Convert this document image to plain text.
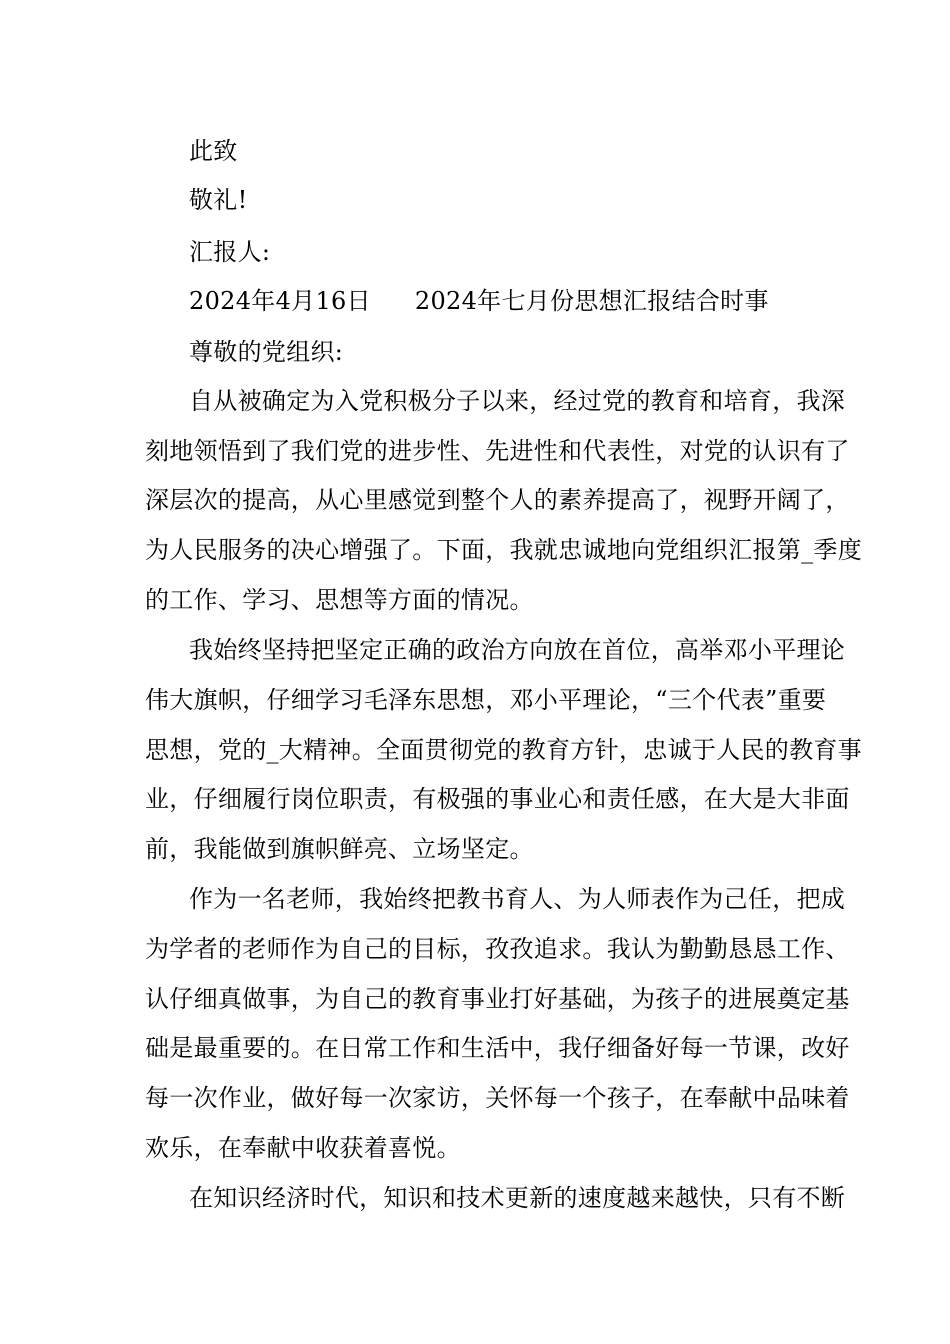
此致
敬礼!
汇报人:
2024年4月16日 2024年七月份思想汇报结合时事
尊敬的党组织:
自从被确定为入党积极分子以来，经过党的教育和培育，我深
刻地领悟到了我们党的进步性、先进性和代表性，对党的认识有了
深层次的提高，从心里感觉到整个人的素养提高了，视野开阔了，
为人民服务的决心增强了。下面，我就忠诚地向党组织汇报第_季度
的工作、学习、思想等方面的情况。
我始终坚持把坚定正确的政治方向放在首位，高举邓小平理论
伟大旗帜，仔细学习毛泽东思想，邓小平理论，“三个代表”重要
思想，党的_大精神。全面贯彻党的教育方针，忠诚于人民的教育事
业，仔细履行岗位职责，有极强的事业心和责任感，在大是大非面
前，我能做到旗帜鲜亮、立场坚定。
作为一名老师，我始终把教书育人、为人师表作为己任，把成
为学者的老师作为自己的目标，孜孜追求。我认为勤勤恳恳工作、
认仔细真做事，为自己的教育事业打好基础，为孩子的进展奠定基
础是最重要的。在日常工作和生活中，我仔细备好每一节课，改好
每一次作业，做好每一次家访，关怀每一个孩子，在奉献中品味着
欢乐，在奉献中收获着喜悦。
在知识经济时代，知识和技术更新的速度越来越快，只有不断
